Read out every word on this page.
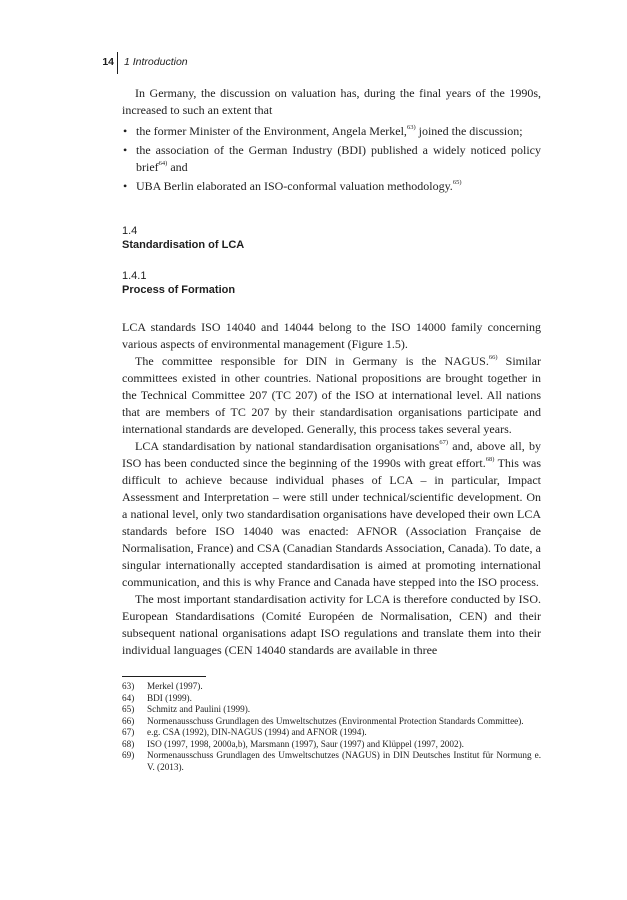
14 1 Introduction

In Germany, the discussion on valuation has, during the final years of the 1990s, increased to such an extent that

• the former Minister of the Environment, Angela Merkel,$^{63)}$ joined the discussion;
• the association of the German Industry (BDI) published a widely noticed policy brief$^{64)}$ and
• UBA Berlin elaborated an ISO-conformal valuation methodology.$^{65)}$
1.4
Standardisation of LCA
1.4.1
Process of Formation

LCA standards ISO 14040 and 14044 belong to the ISO 14000 family concerning various aspects of environmental management (Figure 1.5).

The committee responsible for DIN in Germany is the NAGUS.$^{66)}$ Similar committees existed in other countries. National propositions are brought together in the Technical Committee 207 (TC 207) of the ISO at international level. All nations that are members of TC 207 by their standardisation organisations participate and international standards are developed. Generally, this process takes several years.

LCA standardisation by national standardisation organisations$^{67)}$ and, above all, by ISO has been conducted since the beginning of the 1990s with great effort.$^{68)}$ This was difficult to achieve because individual phases of LCA – in particular, Impact Assessment and Interpretation – were still under technical/scientific development. On a national level, only two standardisation organisations have developed their own LCA standards before ISO 14040 was enacted: AFNOR (Association Française de Normalisation, France) and CSA (Canadian Standards Association, Canada). To date, a singular internationally accepted standardisation is aimed at promoting international communication, and this is why France and Canada have stepped into the ISO process.

The most important standardisation activity for LCA is therefore conducted by ISO. European Standardisations (Comité Européen de Normalisation, CEN) and their subsequent national organisations adapt ISO regulations and translate them into their individual languages (CEN 14040 standards are available in three

63) Merkel (1997).
64) BDI (1999).
65) Schmitz and Paulini (1999).
66) Normenausschuss Grundlagen des Umweltschutzes (Environmental Protection Standards Committee).
67) e.g. CSA (1992), DIN-NAGUS (1994) and AFNOR (1994).
68) ISO (1997, 1998, 2000a,b), Marsmann (1997), Saur (1997) and Klüppel (1997, 2002).
69) Normenausschuss Grundlagen des Umweltschutzes (NAGUS) in DIN Deutsches Institut für Normung e. V. (2013).
